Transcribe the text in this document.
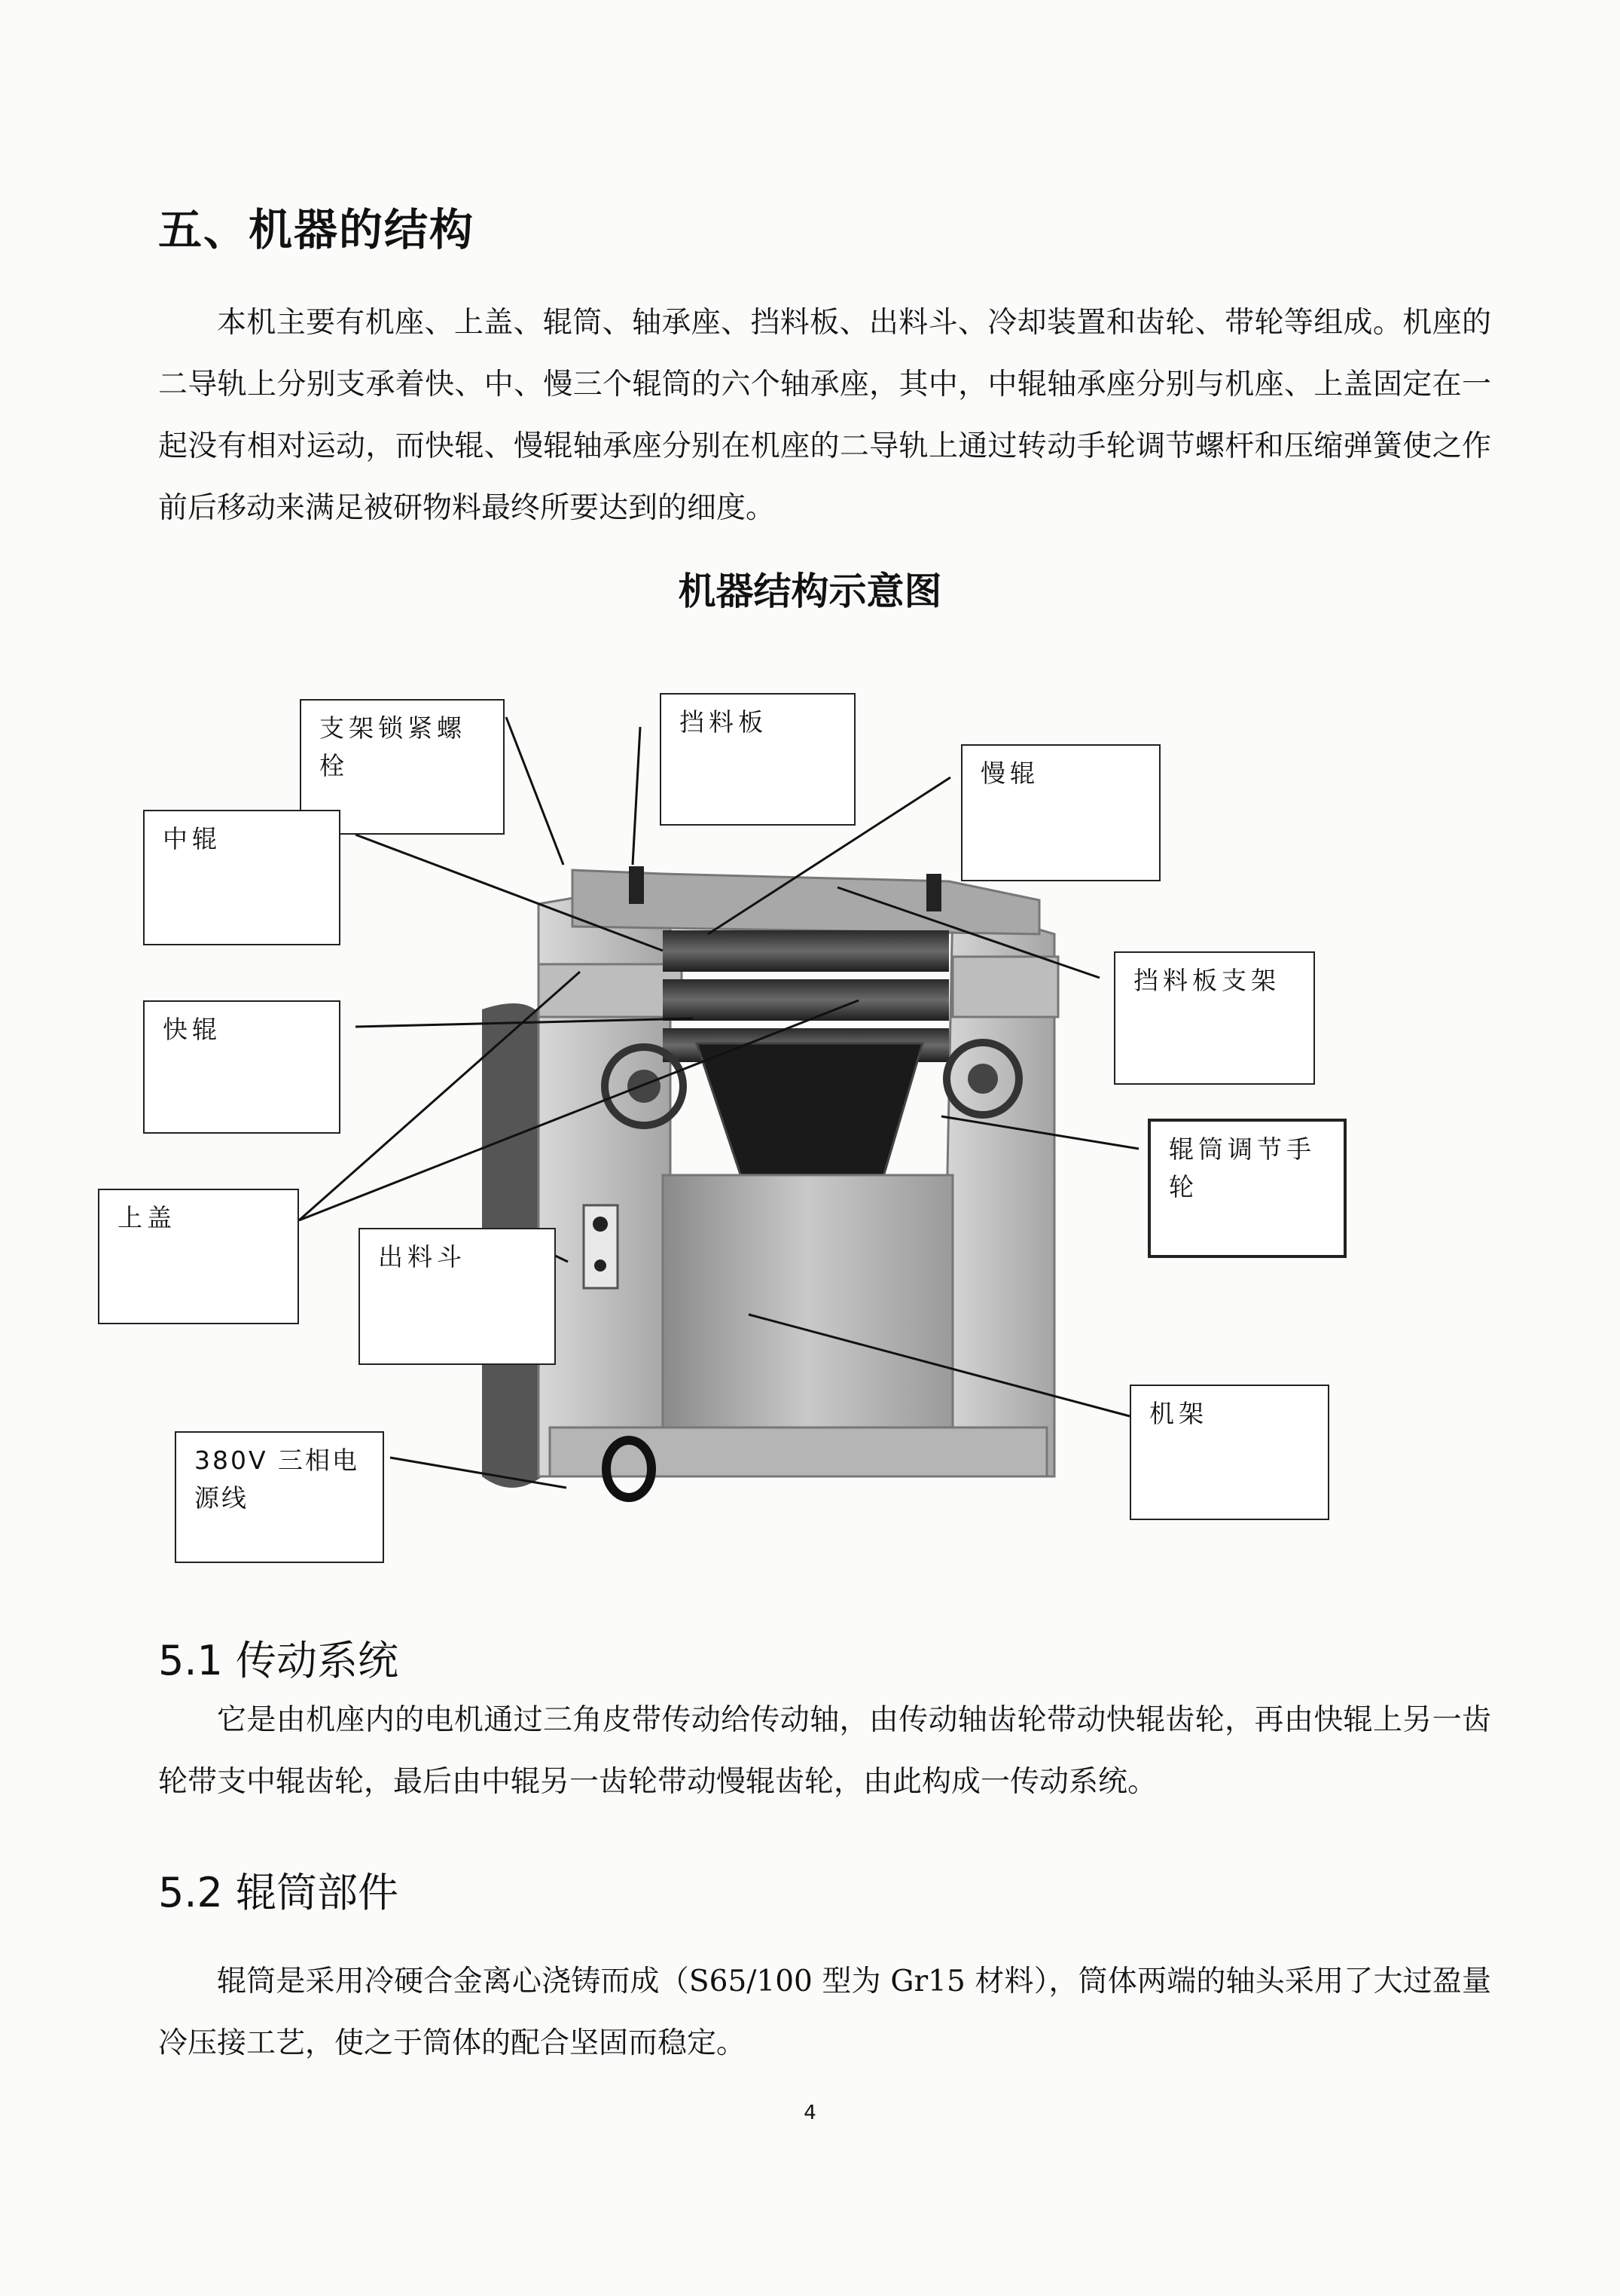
五、机器的结构

本机主要有机座、上盖、辊筒、轴承座、挡料板、出料斗、冷却装置和齿轮、带轮等组成。机座的二导轨上分别支承着快、中、慢三个辊筒的六个轴承座，其中，中辊轴承座分别与机座、上盖固定在一起没有相对运动，而快辊、慢辊轴承座分别在机座的二导轨上通过转动手轮调节螺杆和压缩弹簧使之作前后移动来满足被研物料最终所要达到的细度。

机器结构示意图
支架锁紧螺栓
挡料板
慢辊
中辊
挡料板支架
快辊
辊筒调节手轮
上盖
出料斗
机架
380V 三相电源线
5.1 传动系统

它是由机座内的电机通过三角皮带传动给传动轴，由传动轴齿轮带动快辊齿轮，再由快辊上另一齿轮带支中辊齿轮，最后由中辊另一齿轮带动慢辊齿轮，由此构成一传动系统。

5.2 辊筒部件

辊筒是采用冷硬合金离心浇铸而成（S65/100 型为 Gr15 材料），筒体两端的轴头采用了大过盈量冷压接工艺，使之于筒体的配合坚固而稳定。

4
